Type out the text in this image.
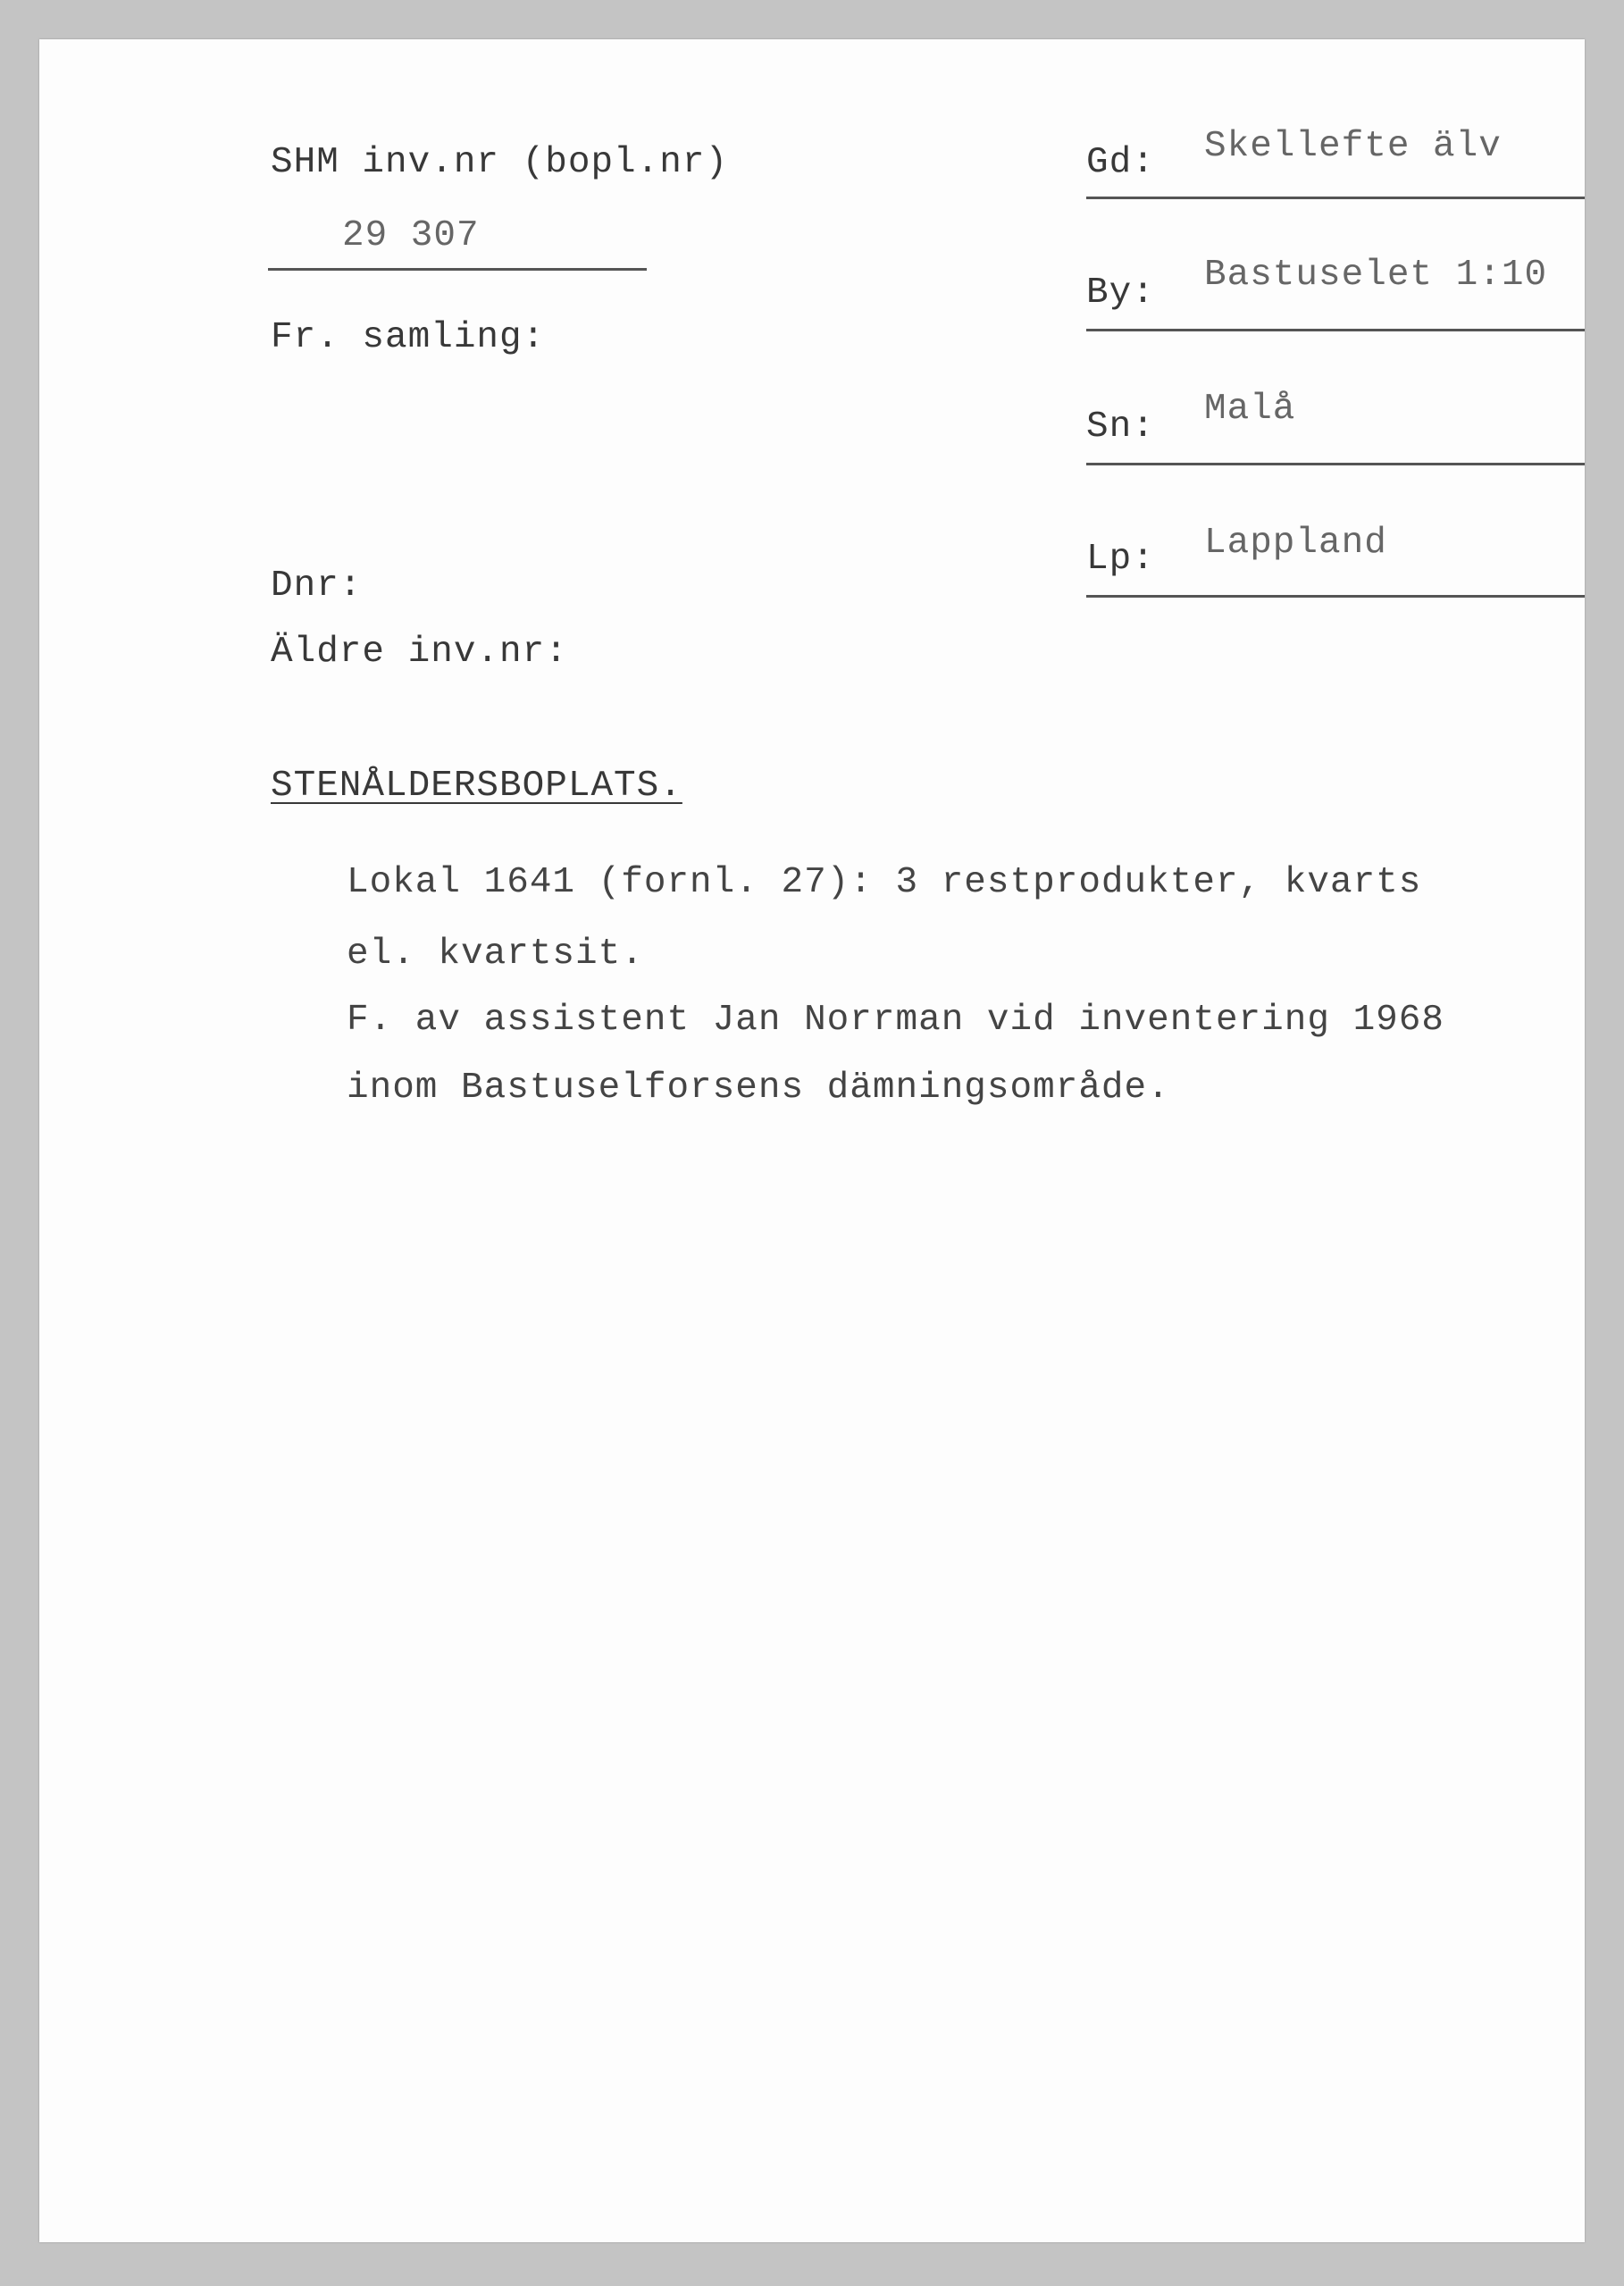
SHM inv.nr (bopl.nr)
29 307
Fr. samling:
Dnr:
Äldre inv.nr:
Gd: Skellefte älv
By: Bastuselet 1:10
Sn: Malå
Lp: Lappland
STENÅLDERSBOPLATS.
Lokal 1641 (fornl. 27): 3 restprodukter, kvarts
el. kvartsit.
F. av assistent Jan Norrman vid inventering 1968
inom Bastuselforsens dämningsområde.
